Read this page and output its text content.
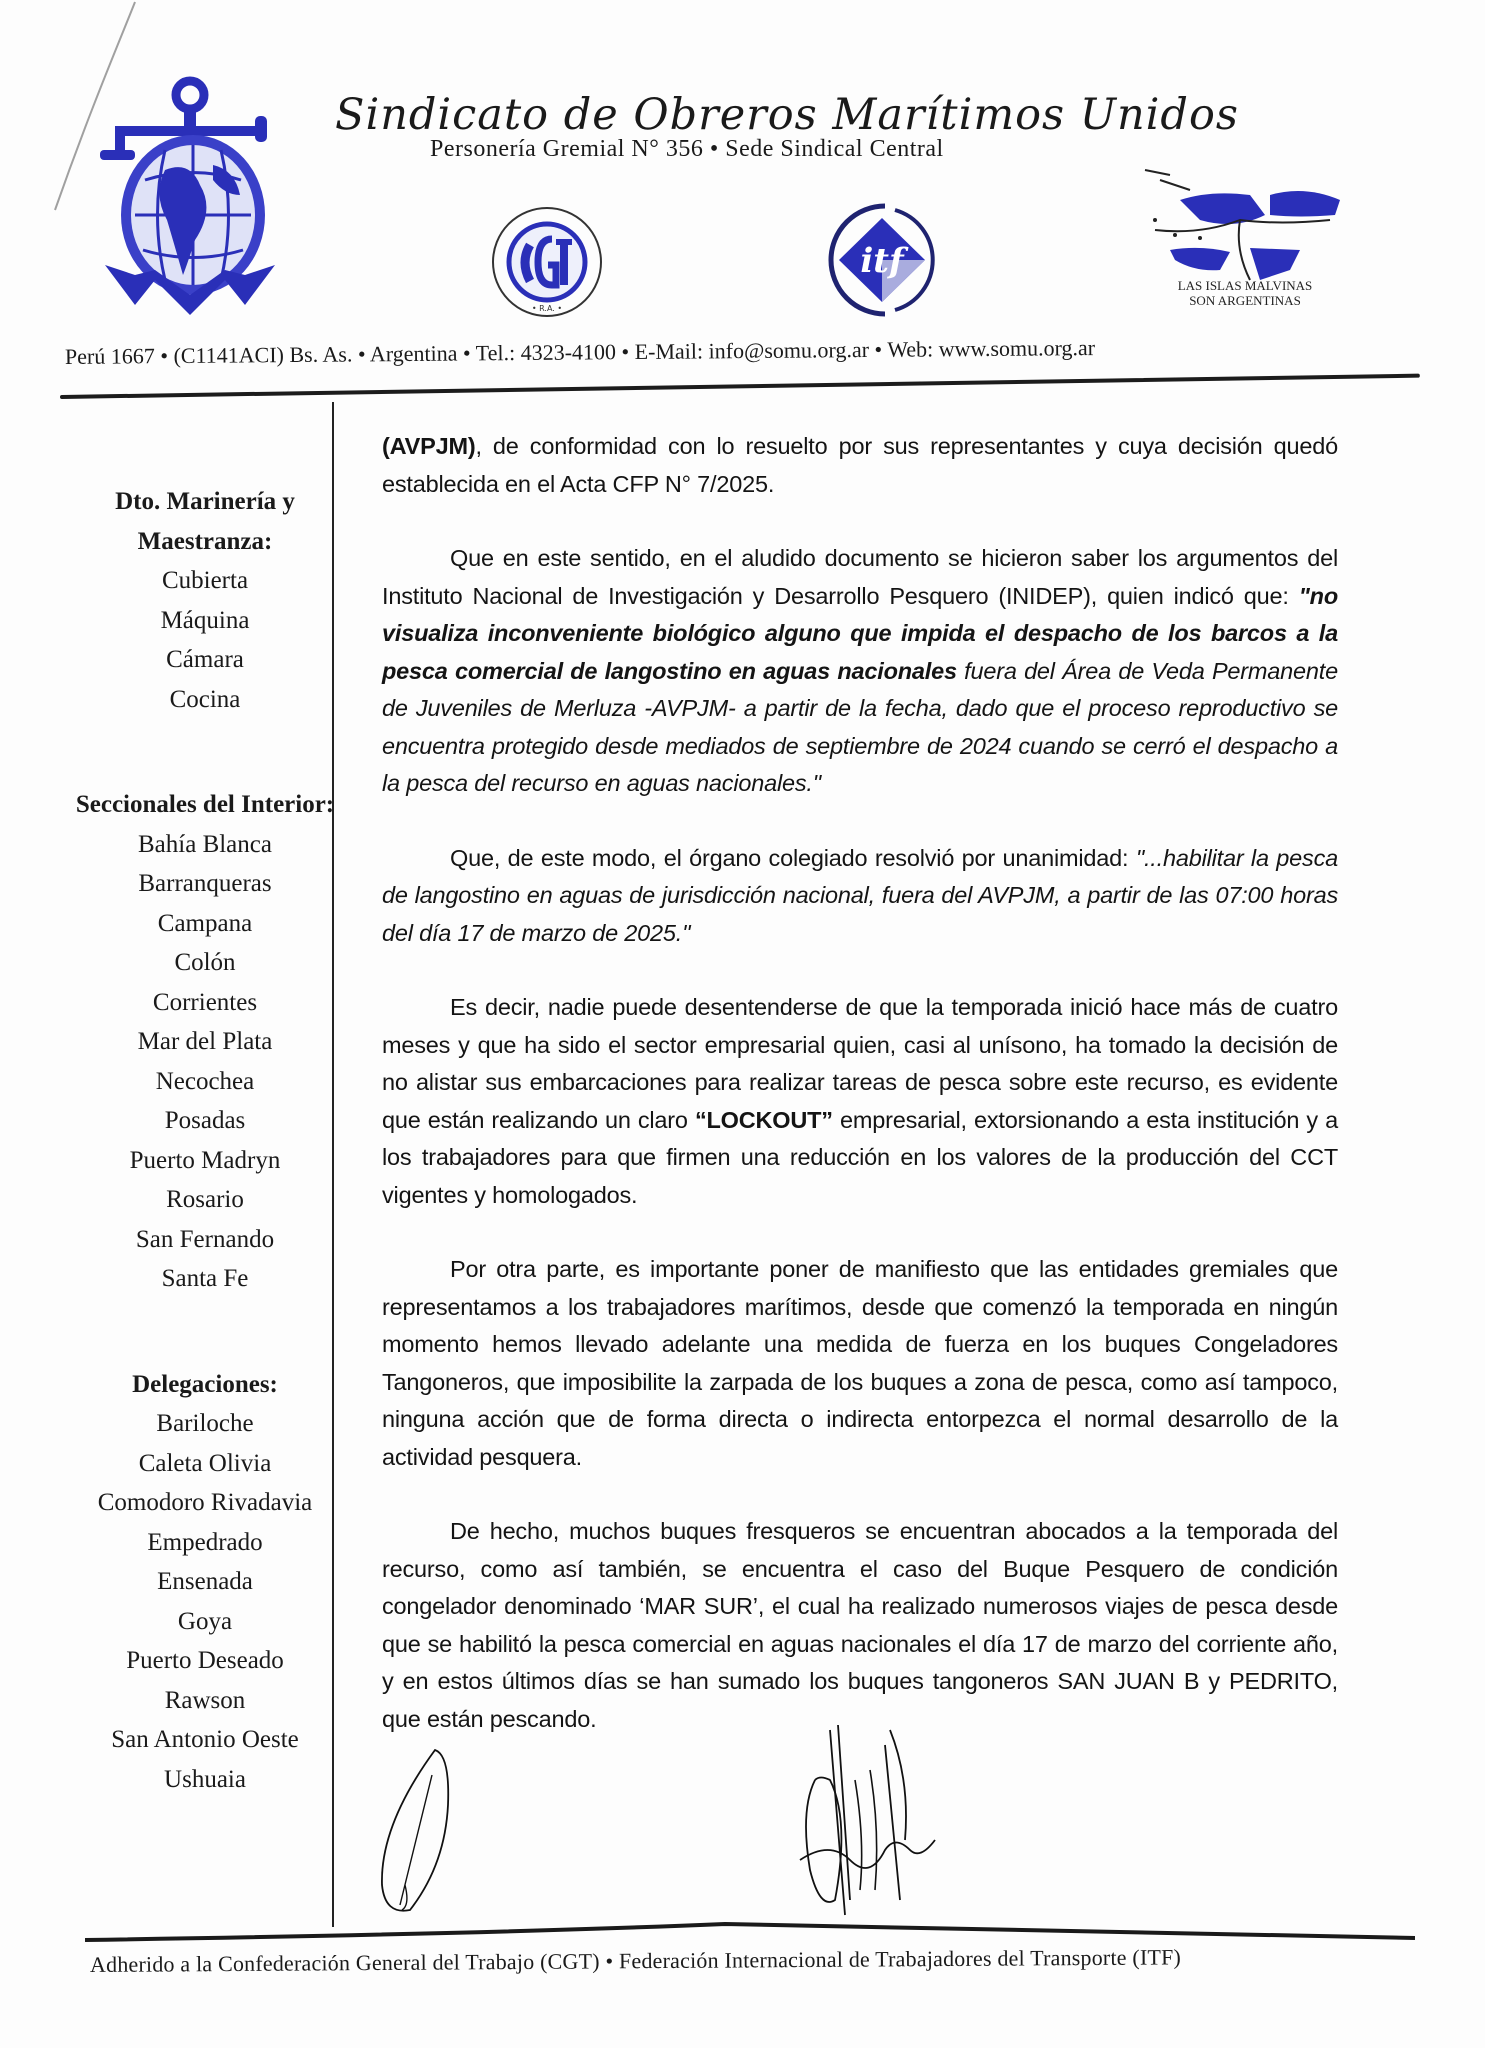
Sindicato de Obreros Marítimos Unidos
Personería Gremial N° 356 • Sede Sindical Central
• R.A. •
itf
LAS ISLAS MALVINAS
SON ARGENTINAS
Perú 1667 • (C1141ACI) Bs. As. • Argentina • Tel.: 4323-4100 • E-Mail: info@somu.org.ar • Web: www.somu.org.ar
Dto. Marinería y Maestranza:
Cubierta
Máquina
Cámara
Cocina
Seccionales del Interior:
Bahía Blanca
Barranqueras
Campana
Colón
Corrientes
Mar del Plata
Necochea
Posadas
Puerto Madryn
Rosario
San Fernando
Santa Fe
Delegaciones:
Bariloche
Caleta Olivia
Comodoro Rivadavia
Empedrado
Ensenada
Goya
Puerto Deseado
Rawson
San Antonio Oeste
Ushuaia

(AVPJM), de conformidad con lo resuelto por sus representantes y cuya decisión quedó establecida en el Acta CFP N° 7/2025.

Que en este sentido, en el aludido documento se hicieron saber los argumentos del Instituto Nacional de Investigación y Desarrollo Pesquero (INIDEP), quien indicó que: "no visualiza inconveniente biológico alguno que impida el despacho de los barcos a la pesca comercial de langostino en aguas nacionales fuera del Área de Veda Permanente de Juveniles de Merluza -AVPJM- a partir de la fecha, dado que el proceso reproductivo se encuentra protegido desde mediados de septiembre de 2024 cuando se cerró el despacho a la pesca del recurso en aguas nacionales."

Que, de este modo, el órgano colegiado resolvió por unanimidad: "...habilitar la pesca de langostino en aguas de jurisdicción nacional, fuera del AVPJM, a partir de las 07:00 horas del día 17 de marzo de 2025."

Es decir, nadie puede desentenderse de que la temporada inició hace más de cuatro meses y que ha sido el sector empresarial quien, casi al unísono, ha tomado la decisión de no alistar sus embarcaciones para realizar tareas de pesca sobre este recurso, es evidente que están realizando un claro “LOCKOUT” empresarial, extorsionando a esta institución y a los trabajadores para que firmen una reducción en los valores de la producción del CCT vigentes y homologados.

Por otra parte, es importante poner de manifiesto que las entidades gremiales que representamos a los trabajadores marítimos, desde que comenzó la temporada en ningún momento hemos llevado adelante una medida de fuerza en los buques Congeladores Tangoneros, que imposibilite la zarpada de los buques a zona de pesca, como así tampoco, ninguna acción que de forma directa o indirecta entorpezca el normal desarrollo de la actividad pesquera.

De hecho, muchos buques fresqueros se encuentran abocados a la temporada del recurso, como así también, se encuentra el caso del Buque Pesquero de condición congelador denominado ‘MAR SUR’, el cual ha realizado numerosos viajes de pesca desde que se habilitó la pesca comercial en aguas nacionales el día 17 de marzo del corriente año, y en estos últimos días se han sumado los buques tangoneros SAN JUAN B y PEDRITO, que están pescando.

Adherido a la Confederación General del Trabajo (CGT) • Federación Internacional de Trabajadores del Transporte (ITF)
